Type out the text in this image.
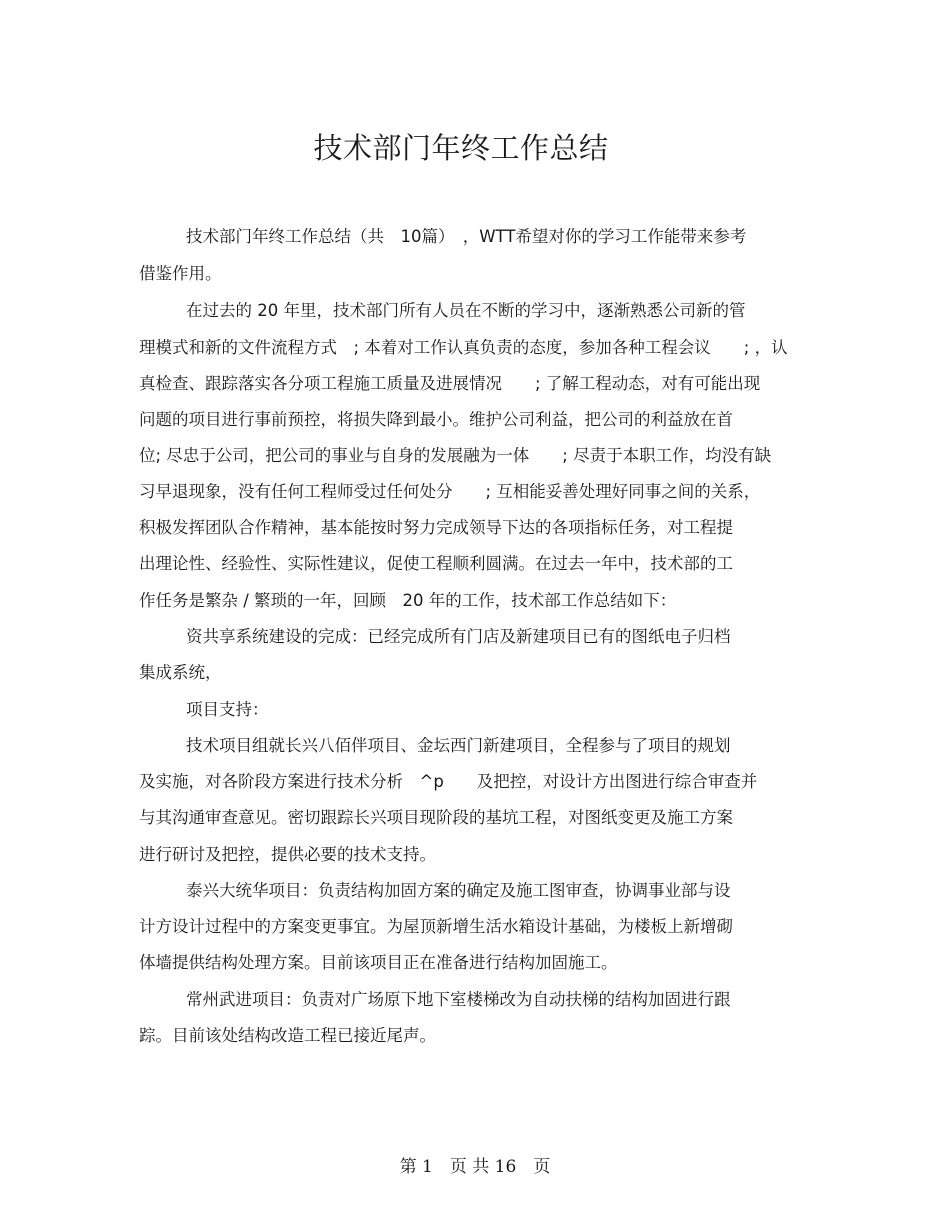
技术部门年终工作总结
技术部门年终工作总结（共　10篇）　，WTT希望对你的学习工作能带来参考
借鉴作用。
在过去的 20 年里，技术部门所有人员在不断的学习中，逐渐熟悉公司新的管
理模式和新的文件流程方式　; 本着对工作认真负责的态度，参加各种工程会议　　; ，认
真检查、跟踪落实各分项工程施工质量及进展情况　　; 了解工程动态，对有可能出现
问题的项目进行事前预控，将损失降到最小。维护公司利益，把公司的利益放在首
位; 尽忠于公司，把公司的事业与自身的发展融为一体　　; 尽责于本职工作，均没有缺
习早退现象，没有任何工程师受过任何处分　　; 互相能妥善处理好同事之间的关系，
积极发挥团队合作精神，基本能按时努力完成领导下达的各项指标任务，对工程提
出理论性、经验性、实际性建议，促使工程顺利圆满。在过去一年中，技术部的工
作任务是繁杂 / 繁琐的一年，回顾　20 年的工作，技术部工作总结如下：
资共享系统建设的完成：已经完成所有门店及新建项目已有的图纸电子归档
集成系统，
项目支持：
技术项目组就长兴八佰伴项目、金坛西门新建项目，全程参与了项目的规划
及实施，对各阶段方案进行技术分析　^p　　及把控，对设计方出图进行综合审查并
与其沟通审查意见。密切跟踪长兴项目现阶段的基坑工程，对图纸变更及施工方案
进行研讨及把控，提供必要的技术支持。
泰兴大统华项目：负责结构加固方案的确定及施工图审查，协调事业部与设
计方设计过程中的方案变更事宜。为屋顶新增生活水箱设计基础，为楼板上新增砌
体墙提供结构处理方案。目前该项目正在准备进行结构加固施工。
常州武进项目：负责对广场原下地下室楼梯改为自动扶梯的结构加固进行跟
踪。目前该处结构改造工程已接近尾声。
第 1　页 共 16　页
